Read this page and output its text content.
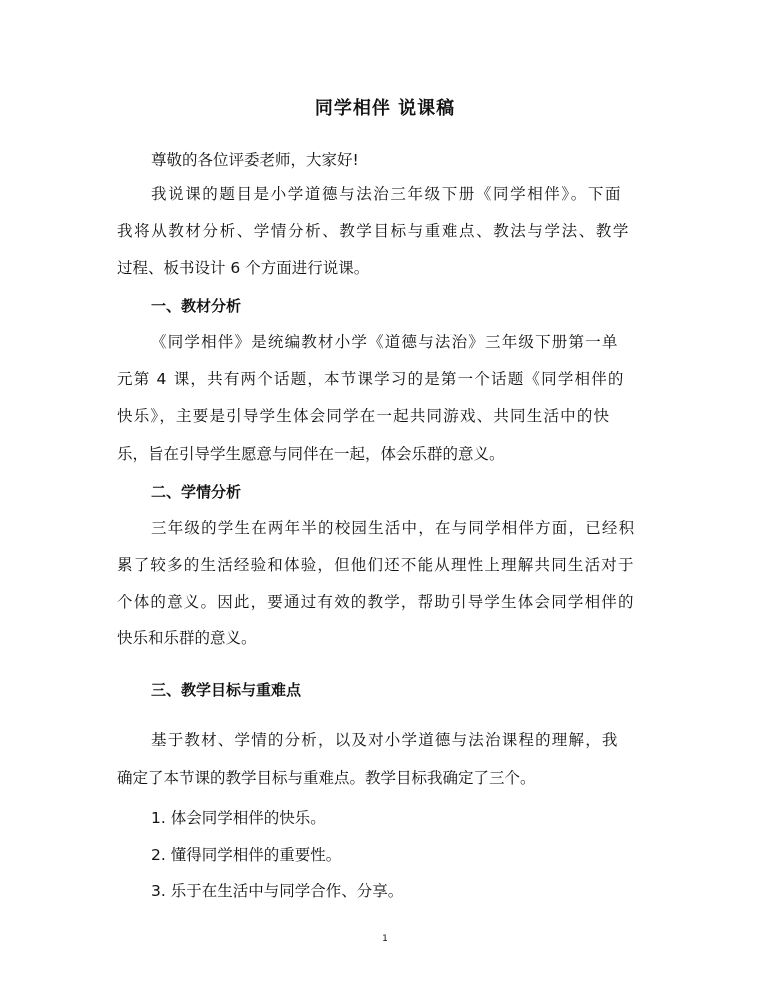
同学相伴 说课稿
尊敬的各位评委老师，大家好!
我说课的题目是小学道德与法治三年级下册《同学相伴》。下面
我将从教材分析、学情分析、教学目标与重难点、教法与学法、教学
过程、板书设计 6 个方面进行说课。
一、教材分析
《同学相伴》是统编教材小学《道德与法治》三年级下册第一单
元第 4 课，共有两个话题，本节课学习的是第一个话题《同学相伴的
快乐》，主要是引导学生体会同学在一起共同游戏、共同生活中的快
乐，旨在引导学生愿意与同伴在一起，体会乐群的意义。
二、学情分析
三年级的学生在两年半的校园生活中，在与同学相伴方面，已经积
累了较多的生活经验和体验，但他们还不能从理性上理解共同生活对于
个体的意义。因此，要通过有效的教学，帮助引导学生体会同学相伴的
快乐和乐群的意义。
三、教学目标与重难点
基于教材、学情的分析，以及对小学道德与法治课程的理解，我
确定了本节课的教学目标与重难点。教学目标我确定了三个。
1. 体会同学相伴的快乐。
2. 懂得同学相伴的重要性。
3. 乐于在生活中与同学合作、分享。
1
